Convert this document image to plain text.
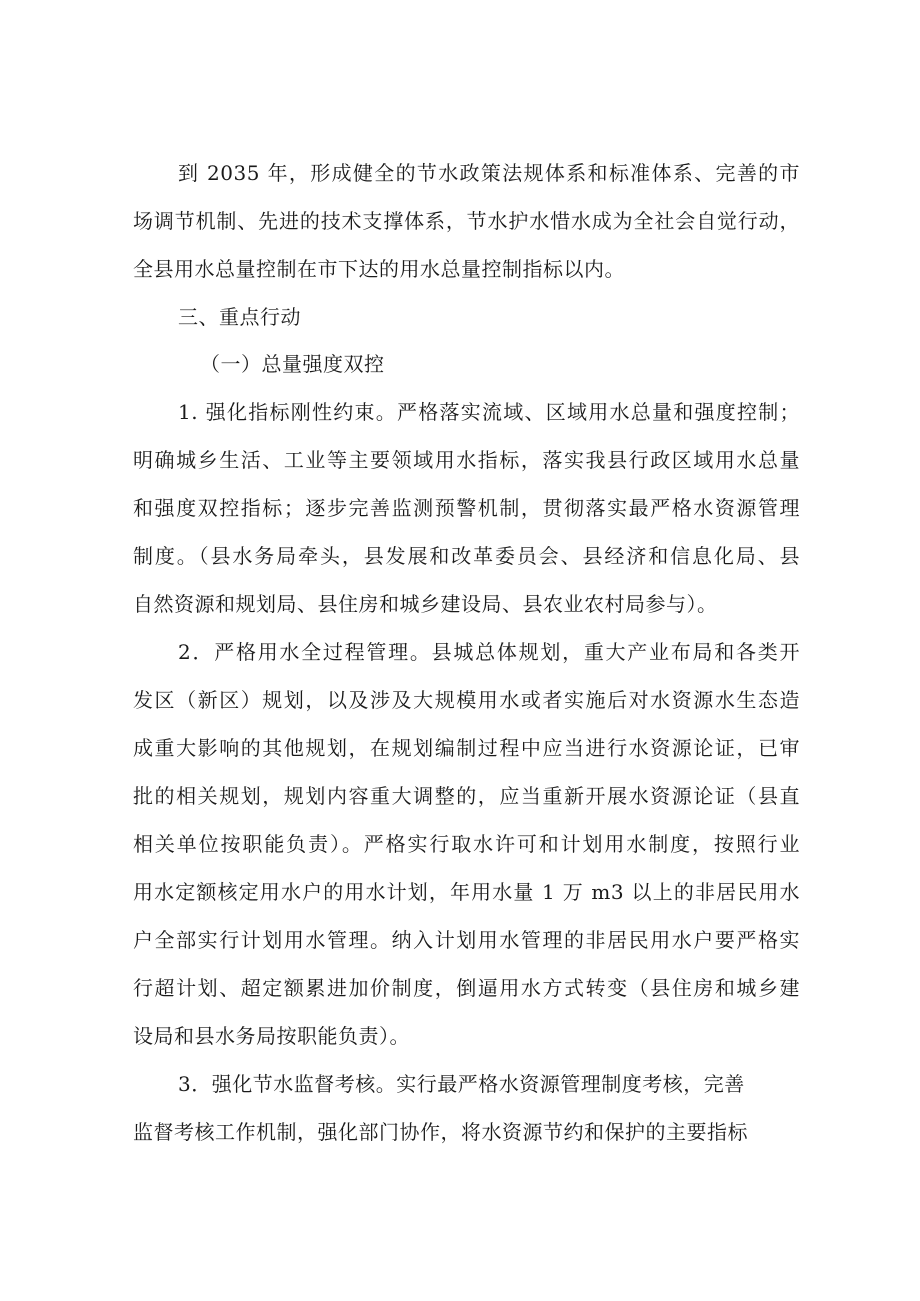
到 2035 年，形成健全的节水政策法规体系和标准体系、完善的市
场调节机制、先进的技术支撑体系，节水护水惜水成为全社会自觉行动，
全县用水总量控制在市下达的用水总量控制指标以内。
三、重点行动
（一）总量强度双控
1. 强化指标刚性约束。严格落实流域、区域用水总量和强度控制；
明确城乡生活、工业等主要领域用水指标，落实我县行政区域用水总量
和强度双控指标；逐步完善监测预警机制，贯彻落实最严格水资源管理
制度。（县水务局牵头，县发展和改革委员会、县经济和信息化局、县
自然资源和规划局、县住房和城乡建设局、县农业农村局参与）。
2．严格用水全过程管理。县城总体规划，重大产业布局和各类开
发区（新区）规划，以及涉及大规模用水或者实施后对水资源水生态造
成重大影响的其他规划，在规划编制过程中应当进行水资源论证，已审
批的相关规划，规划内容重大调整的，应当重新开展水资源论证（县直
相关单位按职能负责）。严格实行取水许可和计划用水制度，按照行业
用水定额核定用水户的用水计划，年用水量 1 万 m3 以上的非居民用水
户全部实行计划用水管理。纳入计划用水管理的非居民用水户要严格实
行超计划、超定额累进加价制度，倒逼用水方式转变（县住房和城乡建
设局和县水务局按职能负责）。
3．强化节水监督考核。实行最严格水资源管理制度考核，完善
监督考核工作机制，强化部门协作，将水资源节约和保护的主要指标
